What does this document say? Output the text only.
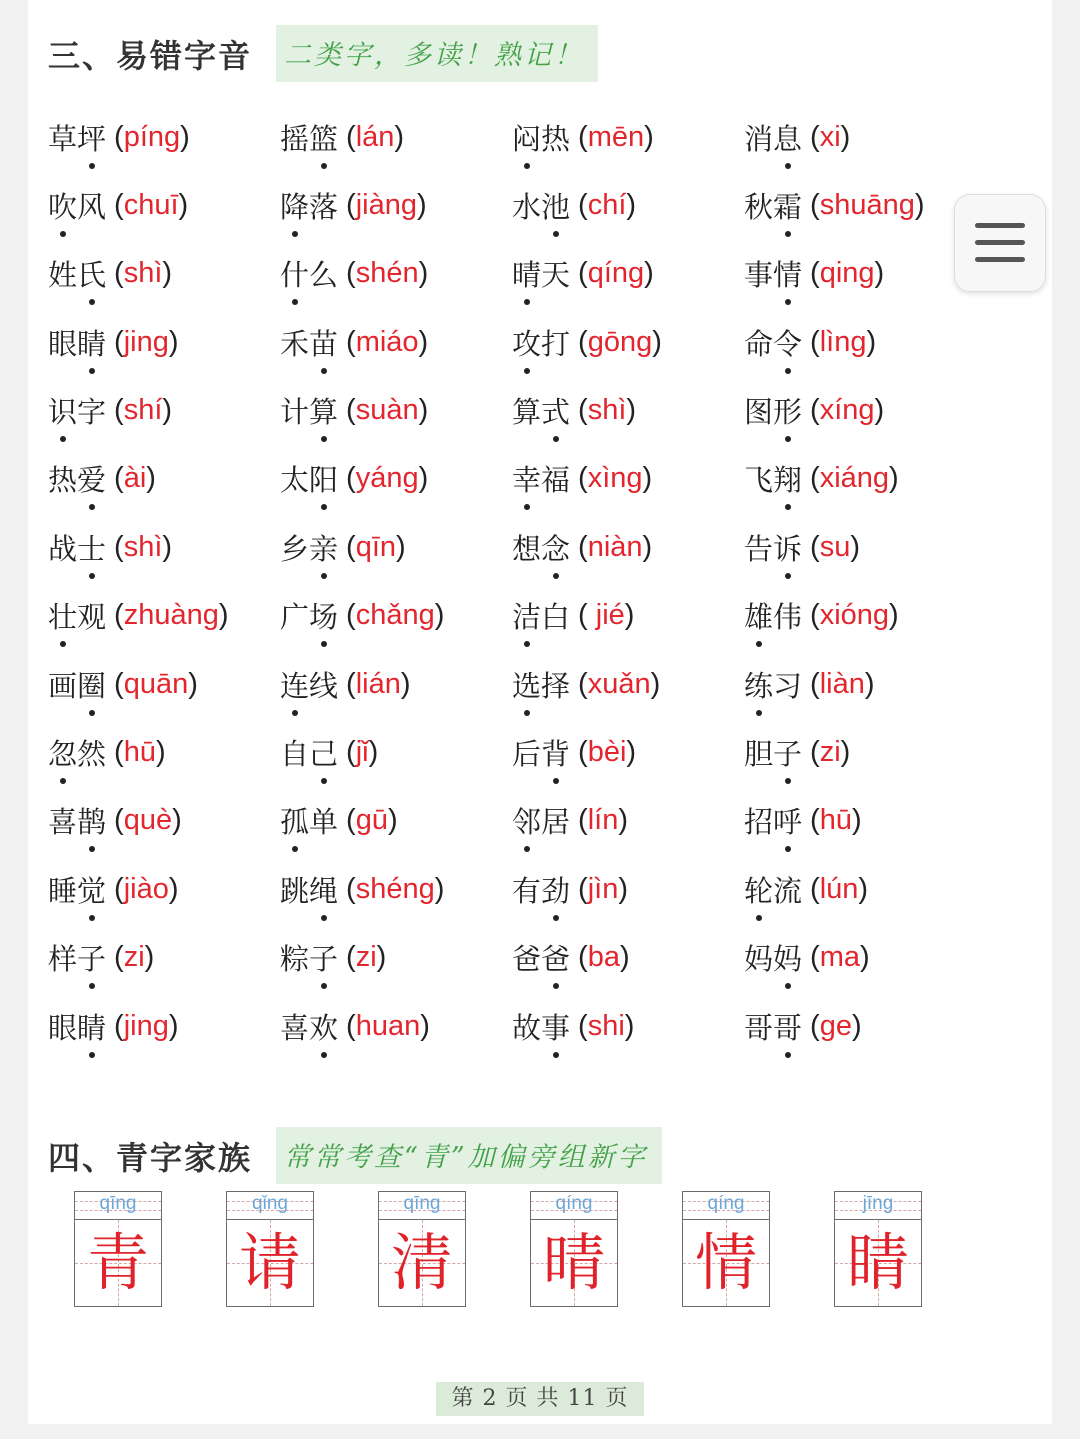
三、易错字音 二类字，多读！熟记！
草坪 (píng)	摇篮 (lán)	闷热 (mēn)	消息 (xi)
吹风 (chuī)	降落 (jiàng)	水池 (chí)	秋霜 (shuāng)
姓氏 (shì)	什么 (shén)	晴天 (qíng)	事情 (qing)
眼睛 (jing)	禾苗 (miáo)	攻打 (gōng)	命令 (lìng)
识字 (shí)	计算 (suàn)	算式 (shì)	图形 (xíng)
热爱 (ài)	太阳 (yáng)	幸福 (xìng)	飞翔 (xiáng)
战士 (shì)	乡亲 (qīn)	想念 (niàn)	告诉 (su)
壮观 (zhuàng) 广场 (chǎng) 洁白 ( jié)	雄伟 (xióng)
画圈 (quān)	连线 (lián)	选择 (xuǎn)	练习 (liàn)
忽然 (hū)	自己 (jǐ)	后背 (bèi)	胆子 (zi)
喜鹊 (què)	孤单 (gū)	邻居 (lín)	招呼 (hū)
睡觉 (jiào)	跳绳 (shéng) 有劲 (jìn)	轮流 (lún)
样子 (zi)	粽子 (zi)	爸爸 (ba)	妈妈 (ma)
眼睛 (jing)	喜欢 (huan)	故事 (shi)	哥哥 (ge)
四、青字家族 常常考查“青”加偏旁组新字
qīng
青
qǐng
请
qīng
清
qíng
晴
qíng
情
jīng
睛
第 2 页 共 11 页
